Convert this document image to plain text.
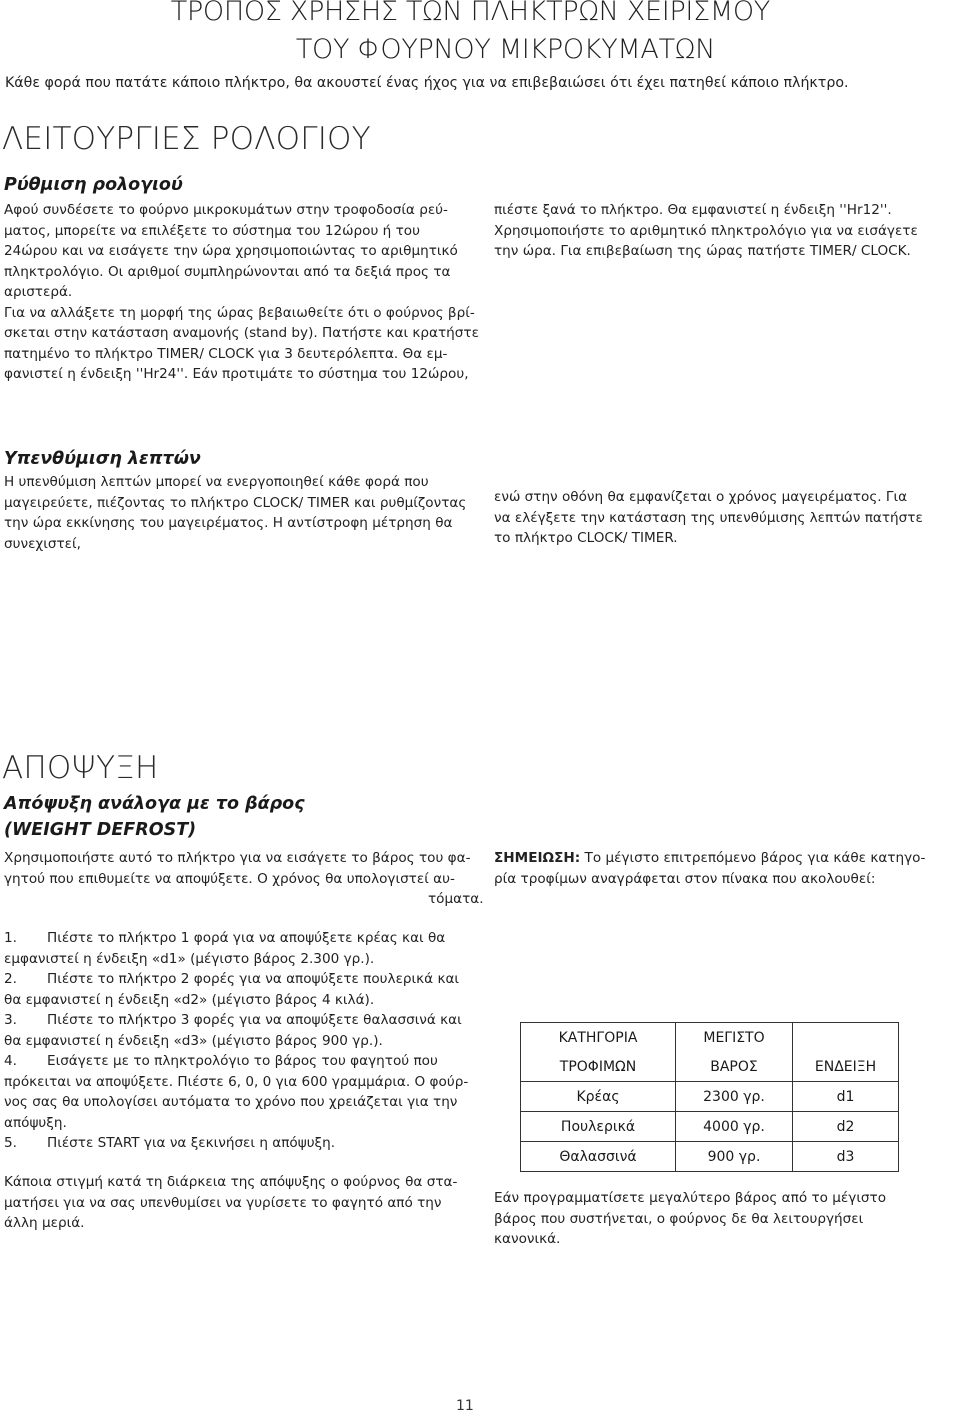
ΤΡΟΠΟΣ ΧΡΗΣΗΣ ΤΩΝ ΠΛΗΚΤΡΩΝ ΧΕΙΡΙΣΜΟΥ
ΤΟΥ ΦΟΥΡΝΟΥ ΜΙΚΡΟΚΥΜΑΤΩΝ
Κάθε φορά που πατάτε κάποιο πλήκτρο, θα ακουστεί ένας ήχος για να επιβεβαιώσει ότι έχει πατηθεί κάποιο πλήκτρο.
ΛΕΙΤΟΥΡΓΙΕΣ ΡΟΛΟΓΙΟΥ
Ρύθμιση ρολογιού
Αφού συνδέσετε το φούρνο μικροκυμάτων στην τροφοδοσία ρεύ-
ματος, μπορείτε να επιλέξετε το σύστημα του 12ώρου ή του
24ώρου και να εισάγετε την ώρα χρησιμοποιώντας το αριθμητικό
πληκτρολόγιο. Οι αριθμοί συμπληρώνονται από τα δεξιά προς τα
αριστερά.
Για να αλλάξετε τη μορφή της ώρας βεβαιωθείτε ότι ο φούρνος βρί-
σκεται στην κατάσταση αναμονής (stand by). Πατήστε και κρατήστε
πατημένο το πλήκτρο TIMER/ CLOCK για 3 δευτερόλεπτα. Θα εμ-
φανιστεί η ένδειξη ''Hr24''. Εάν προτιμάτε το σύστημα του 12ώρου,
πιέστε ξανά το πλήκτρο. Θα εμφανιστεί η ένδειξη ''Hr12''.
Χρησιμοποιήστε το αριθμητικό πληκτρολόγιο για να εισάγετε
την ώρα. Για επιβεβαίωση της ώρας πατήστε TIMER/ CLOCK.
Υπενθύμιση λεπτών
Η υπενθύμιση λεπτών μπορεί να ενεργοποιηθεί κάθε φορά που
μαγειρεύετε, πιέζοντας το πλήκτρο CLOCK/ TIMER και ρυθμίζοντας
την ώρα εκκίνησης του μαγειρέματος. Η αντίστροφη μέτρηση θα
συνεχιστεί,
ενώ στην οθόνη θα εμφανίζεται ο χρόνος μαγειρέματος. Για
να ελέγξετε την κατάσταση της υπενθύμισης λεπτών πατήστε
το πλήκτρο CLOCK/ TIMER.
ΑΠΟΨΥΞΗ
Απόψυξη ανάλογα με το βάρος
(WEIGHT DEFROST)
Χρησιμοποιήστε αυτό το πλήκτρο για να εισάγετε το βάρος του φα-
γητού που επιθυμείτε να αποψύξετε. Ο χρόνος θα υπολογιστεί αυ-
τόματα.
ΣΗΜΕΙΩΣΗ: Το μέγιστο επιτρεπόμενο βάρος για κάθε κατηγο-
ρία τροφίμων αναγράφεται στον πίνακα που ακολουθεί:
1. Πιέστε το πλήκτρο 1 φορά για να αποψύξετε κρέας και θα
εμφανιστεί η ένδειξη «d1» (μέγιστο βάρος 2.300 γρ.).
2. Πιέστε το πλήκτρο 2 φορές για να αποψύξετε πουλερικά και
θα εμφανιστεί η ένδειξη «d2» (μέγιστο βάρος 4 κιλά).
3. Πιέστε το πλήκτρο 3 φορές για να αποψύξετε θαλασσινά και
θα εμφανιστεί η ένδειξη «d3» (μέγιστο βάρος 900 γρ.).
4. Εισάγετε με το πληκτρολόγιο το βάρος του φαγητού που
πρόκειται να αποψύξετε. Πιέστε 6, 0, 0 για 600 γραμμάρια. Ο φούρ-
νος σας θα υπολογίσει αυτόματα το χρόνο που χρειάζεται για την
απόψυξη.
5. Πιέστε START για να ξεκινήσει η απόψυξη.
Κάποια στιγμή κατά τη διάρκεια της απόψυξης ο φούρνος θα στα-
ματήσει για να σας υπενθυμίσει να γυρίσετε το φαγητό από την
άλλη μεριά.
ΚΑΤΗΓΟΡΙΑ	ΜΕΓΙΣΤΟ	
ΤΡΟΦΙΜΩΝ	ΒΑΡΟΣ	ΕΝΔΕΙΞΗ
Κρέας	2300 γρ.	d1
Πουλερικά	4000 γρ.	d2
Θαλασσινά	900 γρ.	d3
Εάν προγραμματίσετε μεγαλύτερο βάρος από το μέγιστο
βάρος που συστήνεται, ο φούρνος δε θα λειτουργήσει
κανονικά.
11
